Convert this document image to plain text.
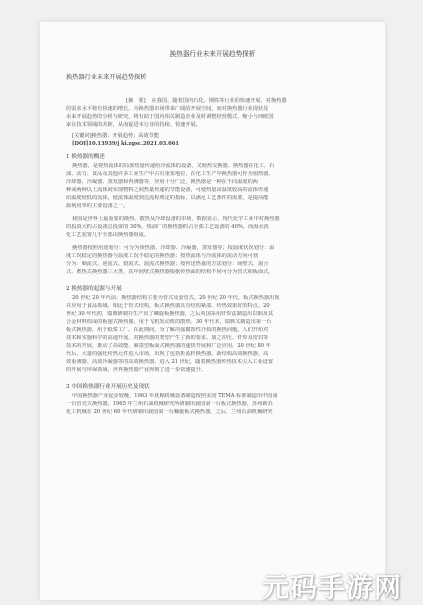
换热器行业未来开展趋势探析
换热器行业未来开展趋势探析
[摘　要] 在我国，随着国内石化、钢铁等行业的快速开展，对换热器
的需求水平将有快速的增长。为换热器市场带来广阔的开展空间，而对换热器行业现状及
未来开展趋势的分析与研究，将有助于国内相关制造企业及时调整经营模式，缩小与西欧国
家在技术领域的差距，从而促进本行业的持续、快速开展。
[关键词]换热器；开展趋势；高效节能
[DOI]10.13939/j ki.zgsc.2021.03.061
1 换热器的概述
换热器，是将热流体的局部热量传递给冷流体的设备，又称热交换器。换热器在化工，石
油、动力、食品及其他许多工业生产中占有重要地位，在化工生产中换热器可作为加热器、
冷却器、冷凝器、蒸发器和再沸器等，应用十分广泛。换热器是一种在不同温度的两
种或两种以上流体间实现物料之间热量传递的节能设备，可使热量由温度较高的流体传递
给温度较低的流体，使流体温度到达流程规定的指标，以满足工艺条件的需要，是提高能
源利用率的主要设备之一。
我国是世界上最重要的换热、散热及冷却设备的市场，数据显示，现代化学工业中对换热器
的投资大约占设备总投资的 30%，炼油厂的换热器约占全部工艺设备的 40%，而海水淡
化工艺装置几乎全部由换热器组成。
换热器按照用途划分：可分为预热器、冷却器、冷凝器、蒸发器等；按温度状况划分：温
度工况稳定的换热器与温度工况不稳定的换热器；按热流体与冷流体的流动方向可划
分为：顺流式、逆流式、错流式、混流式换热器；按传送热量的方法划分：间壁式、混合
式、蓄热式换热器三大类，其中间壁式换热器根据传热面的结构不同可分为管式和板面式。
2 换热器的起源与开展
20 世纪 20 年代前，换热器结构主要为管式及套管式。20 世纪 20 年代，板式换热器出现
并应用于食品领域。相比于管式结构，板式换热器具有结构紧凑、传热效果好的特点。20
世纪 30 年代初，瑞典研制并生产出了螺旋板换热器，之后英国采用钎焊法制造出以铜及其
合金材料构成的板翅式换热器，用于飞机发动机的散热。30 年代末，瑞典又制造出第一台
板式换热器，用于纸浆工厂。在此期间，为了解决强腐蚀性介质的换热问题，人们开始对
技术和实施科学的高速开展，对换热器的类型产生了新的要求。加之冲压、钎焊及密封等
技术的开展，推动了高效能、紧凑型板面式换热器的遂快开展和广泛应用。20 世纪 80 年
代后，大量的强化传热元件进入市场，出现了包括折流杆换热器、新结构高效换热器、高
效重沸器、高效冷凝器等的高效换热器。进入 21 世纪，随着换热器传热技术引入工业设置
的开展与环保领域，世界换热器产业得到了进一步快速提升。
3 中国换热器行业开展历史及现状
中国换热器产业起步较晚，1963 年抚顺机械设备制造按照美国 TEMA 标准制造出中国第
一台管壳式换热器，1965 年兰州石油机械研究所研制出我国第一台板式换热器，苏州新苏
化工机械在 20 世纪 60 年代研制出我国第一台螺旋板式换热器。之后，兰州石油机械研究
元码手游网
